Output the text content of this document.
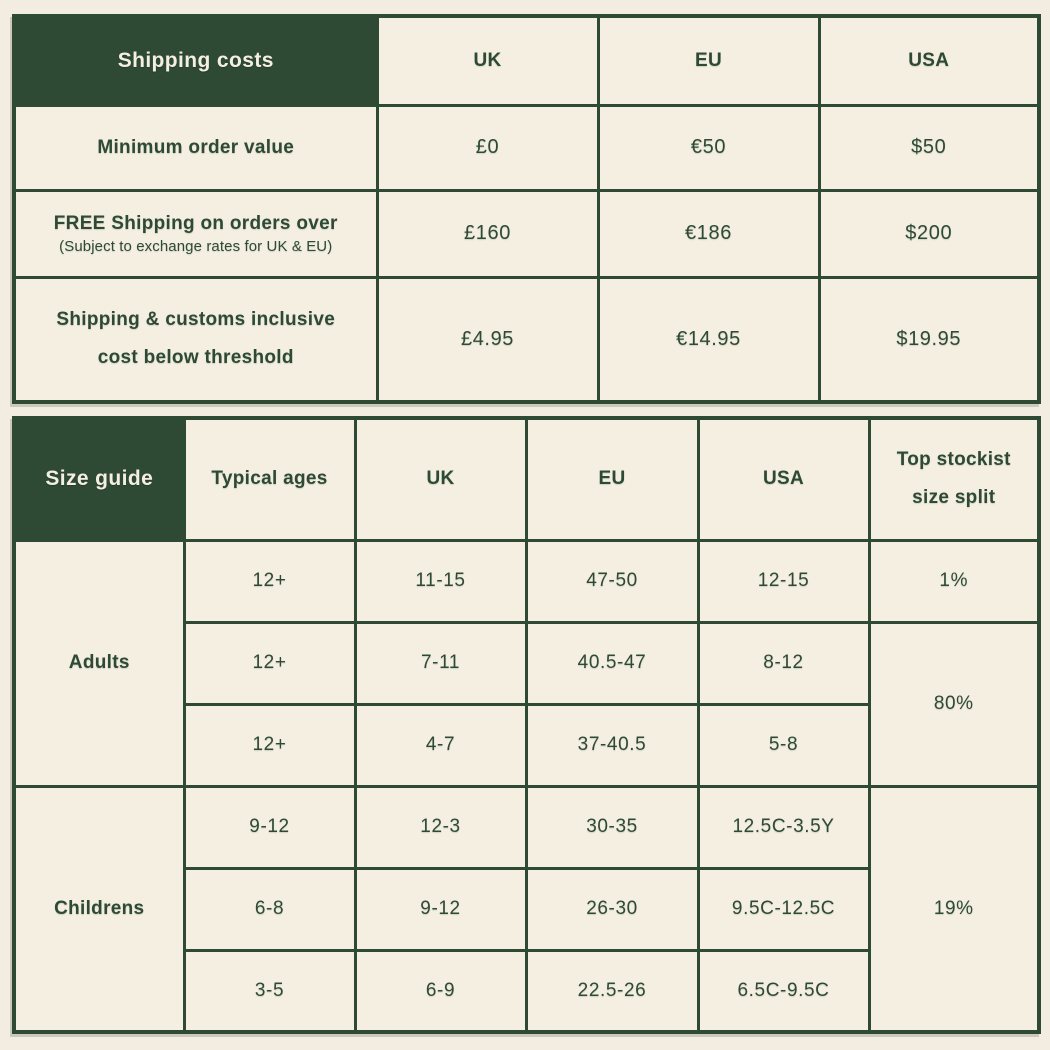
Shipping costs	UK	EU	USA
Minimum order value	£0	€50	$50

FREE Shipping on orders over
(Subject to exchange rates for UK & EU)	£160	€186	$200

Shipping & customs inclusive
cost below threshold	£4.95	€14.95	$19.95
Size guide	Typical ages	UK	EU	USA	Top stockist size split
Adults	12+	11-15	47-50	12-15	1%
	12+	7-11	40.5-47	8-12	80%
	12+	4-7	37-40.5	5-8	
Childrens	9-12	12-3	30-35	12.5C-3.5Y	19%
	6-8	9-12	26-30	9.5C-12.5C	
	3-5	6-9	22.5-26	6.5C-9.5C	
